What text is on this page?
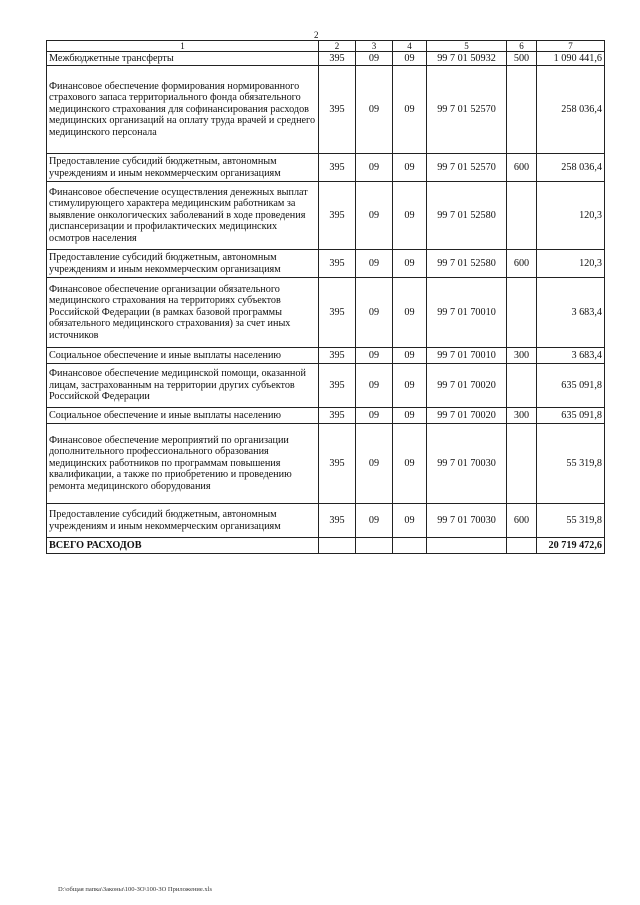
2
1	2	3	4	5	6	7
Межбюджетные трансферты	395	09	09	99 7 01 50932	500	1 090 441,6
Финансовое обеспечение формирования нормированного страхового запаса территориального фонда обязательного медицинского страхования для софинансирования расходов медицинских организаций на оплату труда врачей и среднего медицинского персонала	395	09	09	99 7 01 52570		258 036,4
Предоставление субсидий бюджетным, автономным учреждениям и иным некоммерческим организациям	395	09	09	99 7 01 52570	600	258 036,4
Финансовое обеспечение осуществления денежных выплат стимулирующего характера медицинским работникам за выявление онкологических заболеваний в ходе проведения диспансеризации и профилактических медицинских осмотров населения	395	09	09	99 7 01 52580		120,3
Предоставление субсидий бюджетным, автономным учреждениям и иным некоммерческим организациям	395	09	09	99 7 01 52580	600	120,3
Финансовое обеспечение организации обязательного медицинского страхования на территориях субъектов Российской Федерации (в рамках базовой программы обязательного медицинского страхования) за счет иных источников	395	09	09	99 7 01 70010		3 683,4
Социальное обеспечение и иные выплаты населению	395	09	09	99 7 01 70010	300	3 683,4
Финансовое обеспечение медицинской помощи, оказанной лицам, застрахованным на территории других субъектов Российской Федерации	395	09	09	99 7 01 70020		635 091,8
Социальное обеспечение и иные выплаты населению	395	09	09	99 7 01 70020	300	635 091,8
Финансовое обеспечение мероприятий по организации дополнительного профессионального образования медицинских работников по программам повышения квалификации, а также по приобретению и проведению ремонта медицинского оборудования	395	09	09	99 7 01 70030		55 319,8
Предоставление субсидий бюджетным, автономным учреждениям и иным некоммерческим организациям	395	09	09	99 7 01 70030	600	55 319,8
ВСЕГО РАСХОДОВ						20 719 472,6
D:\общая папка\Законы\100-ЗО\100-ЗО Приложение.xls
